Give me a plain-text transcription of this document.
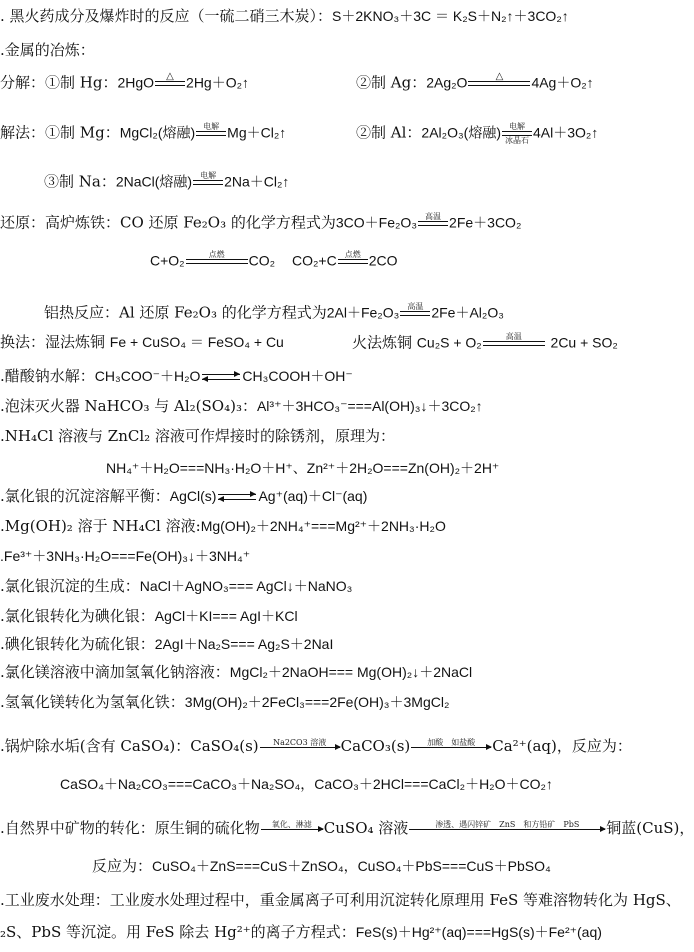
. 黑火药成分及爆炸时的反应（一硫二硝三木炭）：S＋2KNO₃＋3C ＝ K₂S＋N₂↑＋3CO₂↑
.金属的冶炼：
分解：①制 Hg：2HgO	△ 2Hg＋O₂↑	②制 Ag：2Ag₂O	△	4Ag＋O₂↑
解法：①制 Mg：MgCl₂(熔融)	电解 Mg＋Cl₂↑	②制 Al：2Al₂O₃(熔融)	电解
冰晶石 4Al＋3O₂↑
③制 Na：2NaCl(熔融)	电解 2Na＋Cl₂↑
还原：高炉炼铁：CO 还原 Fe₂O₃ 的化学方程式为3CO＋Fe₂O₃	高温 2Fe＋3CO₂
C+O₂	点燃	CO₂ CO₂+C	点燃 2CO
铝热反应：Al 还原 Fe₂O₃ 的化学方程式为2Al＋Fe₂O₃	高温 2Fe＋Al₂O₃
换法：湿法炼铜 Fe + CuSO₄ ＝ FeSO₄ + Cu	火法炼铜 Cu₂S + O₂	高温	2Cu + SO₂
.醋酸钠水解：CH₃COO⁻＋H₂O	CH₃COOH＋OH⁻
.泡沫灭火器 NaHCO₃ 与 Al₂(SO₄)₃：Al³⁺＋3HCO₃⁻===Al(OH)₃↓＋3CO₂↑
.NH₄Cl 溶液与 ZnCl₂ 溶液可作焊接时的除锈剂，原理为：
NH₄⁺＋H₂O===NH₃·H₂O＋H⁺、Zn²⁺＋2H₂O===Zn(OH)₂＋2H⁺
.氯化银的沉淀溶解平衡：AgCl(s)	Ag⁺(aq)＋Cl⁻(aq)
.Mg(OH)₂ 溶于 NH₄Cl 溶液:Mg(OH)₂＋2NH₄⁺===Mg²⁺＋2NH₃·H₂O
.Fe³⁺＋3NH₃·H₂O===Fe(OH)₃↓＋3NH₄⁺
.氯化银沉淀的生成：NaCl＋AgNO₃=== AgCl↓＋NaNO₃
.氯化银转化为碘化银：AgCl＋KI=== AgI＋KCl
.碘化银转化为硫化银：2AgI＋Na₂S=== Ag₂S＋2NaI
.氯化镁溶液中滴加氢氧化钠溶液：MgCl₂＋2NaOH=== Mg(OH)₂↓＋2NaCl
.氢氧化镁转化为氢氧化铁：3Mg(OH)₂＋2FeCl₃===2Fe(OH)₃＋3MgCl₂
.锅炉除水垢(含有 CaSO₄)：CaSO₄(s)	Na2CO3 溶液 CaCO₃(s)	加酸　如盐酸	Ca²⁺(aq)，反应为：
CaSO₄＋Na₂CO₃===CaCO₃＋Na₂SO₄，CaCO₃＋2HCl===CaCl₂＋H₂O＋CO₂↑
.自然界中矿物的转化：原生铜的硫化物	氧化、淋滤 CuSO₄ 溶液	渗透、遇闪锌矿　ZnS　和方铅矿　PbS	铜蓝(CuS)，
反应为：CuSO₄＋ZnS===CuS＋ZnSO₄，CuSO₄＋PbS===CuS＋PbSO₄
.工业废水处理：工业废水处理过程中，重金属离子可利用沉淀转化原理用 FeS 等难溶物转化为 HgS、
₂S、PbS 等沉淀。用 FeS 除去 Hg²⁺的离子方程式：FeS(s)＋Hg²⁺(aq)===HgS(s)＋Fe²⁺(aq)
